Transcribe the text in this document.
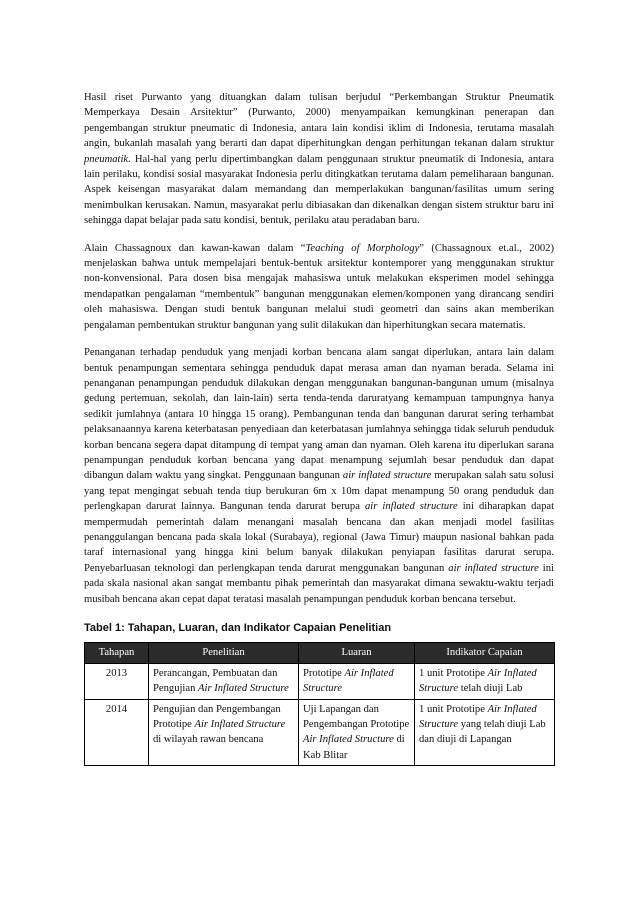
Hasil riset Purwanto yang dituangkan dalam tulisan berjudul “Perkembangan Struktur Pneumatik Memperkaya Desain Arsitektur” (Purwanto, 2000) menyampaikan kemungkinan penerapan dan pengembangan struktur pneumatic di Indonesia, antara lain kondisi iklim di Indonesia, terutama masalah angin, bukanlah masalah yang berarti dan dapat diperhitungkan dengan perhitungan tekanan dalam struktur pneumatik. Hal-hal yang perlu dipertimbangkan dalam penggunaan struktur pneumatik di Indonesia, antara lain perilaku, kondisi sosial masyarakat Indonesia perlu ditingkatkan terutama dalam pemeliharaan bangunan. Aspek keisengan masyarakat dalam memandang dan memperlakukan bangunan/fasilitas umum sering menimbulkan kerusakan. Namun, masyarakat perlu dibiasakan dan dikenalkan dengan sistem struktur baru ini sehingga dapat belajar pada satu kondisi, bentuk, perilaku atau peradaban baru.

Alain Chassagnoux dan kawan-kawan dalam “Teaching of Morphology” (Chassagnoux et.al., 2002) menjelaskan bahwa untuk mempelajari bentuk-bentuk arsitektur kontemporer yang menggunakan struktur non-konvensional. Para dosen bisa mengajak mahasiswa untuk melakukan eksperimen model sehingga mendapatkan pengalaman “membentuk” bangunan menggunakan elemen/komponen yang dirancang sendiri oleh mahasiswa. Dengan studi bentuk bangunan melalui studi geometri dan sains akan memberikan pengalaman pembentukan struktur bangunan yang sulit dilakukan dan hiperhitungkan secara matematis.

Penanganan terhadap penduduk yang menjadi korban bencana alam sangat diperlukan, antara lain dalam bentuk penampungan sementara sehingga penduduk dapat merasa aman dan nyaman berada. Selama ini penanganan penampungan penduduk dilakukan dengan menggunakan bangunan-bangunan umum (misalnya gedung pertemuan, sekolah, dan lain-lain) serta tenda-tenda daruratyang kemampuan tampungnya hanya sedikit jumlahnya (antara 10 hingga 15 orang). Pembangunan tenda dan bangunan darurat sering terhambat pelaksanaannya karena keterbatasan penyediaan dan keterbatasan jumlahnya sehingga tidak seluruh penduduk korban bencana segera dapat ditampung di tempat yang aman dan nyaman. Oleh karena itu diperlukan sarana penampungan penduduk korban bencana yang dapat menampung sejumlah besar penduduk dan dapat dibangun dalam waktu yang singkat. Penggunaan bangunan air inflated structure merupakan salah satu solusi yang tepat mengingat sebuah tenda tiup berukuran 6m x 10m dapat menampung 50 orang penduduk dan perlengkapan darurat lainnya. Bangunan tenda darurat berupa air inflated structure ini diharapkan dapat mempermudah pemerintah dalam menangani masalah bencana dan akan menjadi model fasilitas penanggulangan bencana pada skala lokal (Surabaya), regional (Jawa Timur) maupun nasional bahkan pada taraf internasional yang hingga kini belum banyak dilakukan penyiapan fasilitas darurat serupa. Penyebarluasan teknologi dan perlengkapan tenda darurat menggunakan bangunan air inflated structure ini pada skala nasional akan sangat membantu pihak pemerintah dan masyarakat dimana sewaktu-waktu terjadi musibah bencana akan cepat dapat teratasi masalah penampungan penduduk korban bencana tersebut.

Tabel 1: Tahapan, Luaran, dan Indikator Capaian Penelitian
Tahapan	Penelitian	Luaran	Indikator Capaian
2013	Perancangan, Pembuatan dan Pengujian Air Inflated Structure	Prototipe Air Inflated Structure	1 unit Prototipe Air Inflated Structure telah diuji Lab
2014	Pengujian dan Pengembangan Prototipe Air Inflated Structure di wilayah rawan bencana	Uji Lapangan dan Pengembangan Prototipe Air Inflated Structure di Kab Blitar	1 unit Prototipe Air Inflated Structure yang telah diuji Lab dan diuji di Lapangan
